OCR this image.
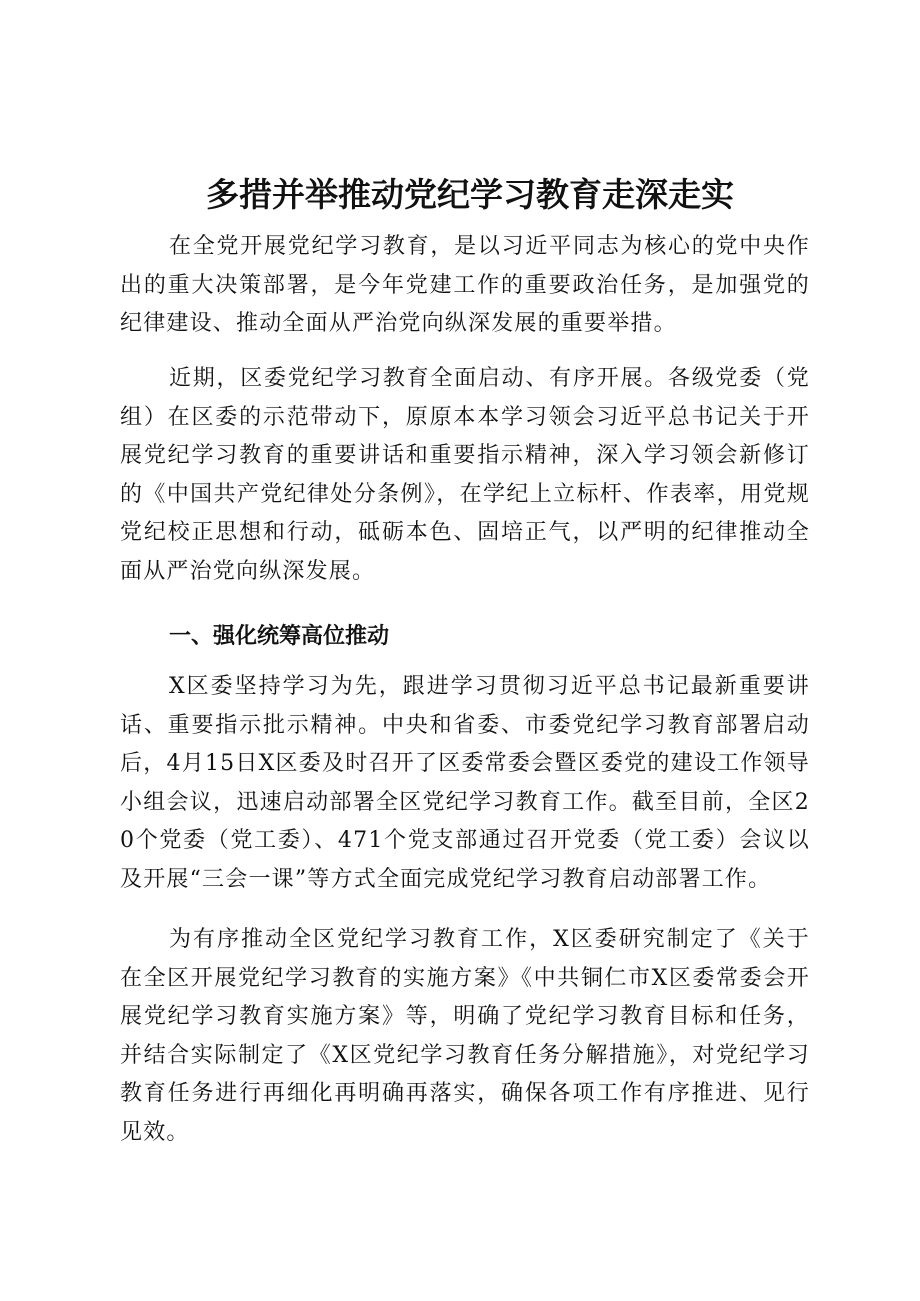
多措并举推动党纪学习教育走深走实
在全党开展党纪学习教育，是以习近平同志为核心的党中央作出的重大决策部署，是今年党建工作的重要政治任务，是加强党的纪律建设、推动全面从严治党向纵深发展的重要举措。
近期，区委党纪学习教育全面启动、有序开展。各级党委（党组）在区委的示范带动下，原原本本学习领会习近平总书记关于开展党纪学习教育的重要讲话和重要指示精神，深入学习领会新修订的《中国共产党纪律处分条例》，在学纪上立标杆、作表率，用党规党纪校正思想和行动，砥砺本色、固培正气，以严明的纪律推动全面从严治党向纵深发展。
一、强化统筹高位推动
X区委坚持学习为先，跟进学习贯彻习近平总书记最新重要讲话、重要指示批示精神。中央和省委、市委党纪学习教育部署启动后，4月15日X区委及时召开了区委常委会暨区委党的建设工作领导小组会议，迅速启动部署全区党纪学习教育工作。截至目前，全区20个党委（党工委）、471个党支部通过召开党委（党工委）会议以及开展“三会一课”等方式全面完成党纪学习教育启动部署工作。
为有序推动全区党纪学习教育工作，X区委研究制定了《关于在全区开展党纪学习教育的实施方案》《中共铜仁市X区委常委会开展党纪学习教育实施方案》等，明确了党纪学习教育目标和任务，并结合实际制定了《X区党纪学习教育任务分解措施》，对党纪学习教育任务进行再细化再明确再落实，确保各项工作有序推进、见行见效。
